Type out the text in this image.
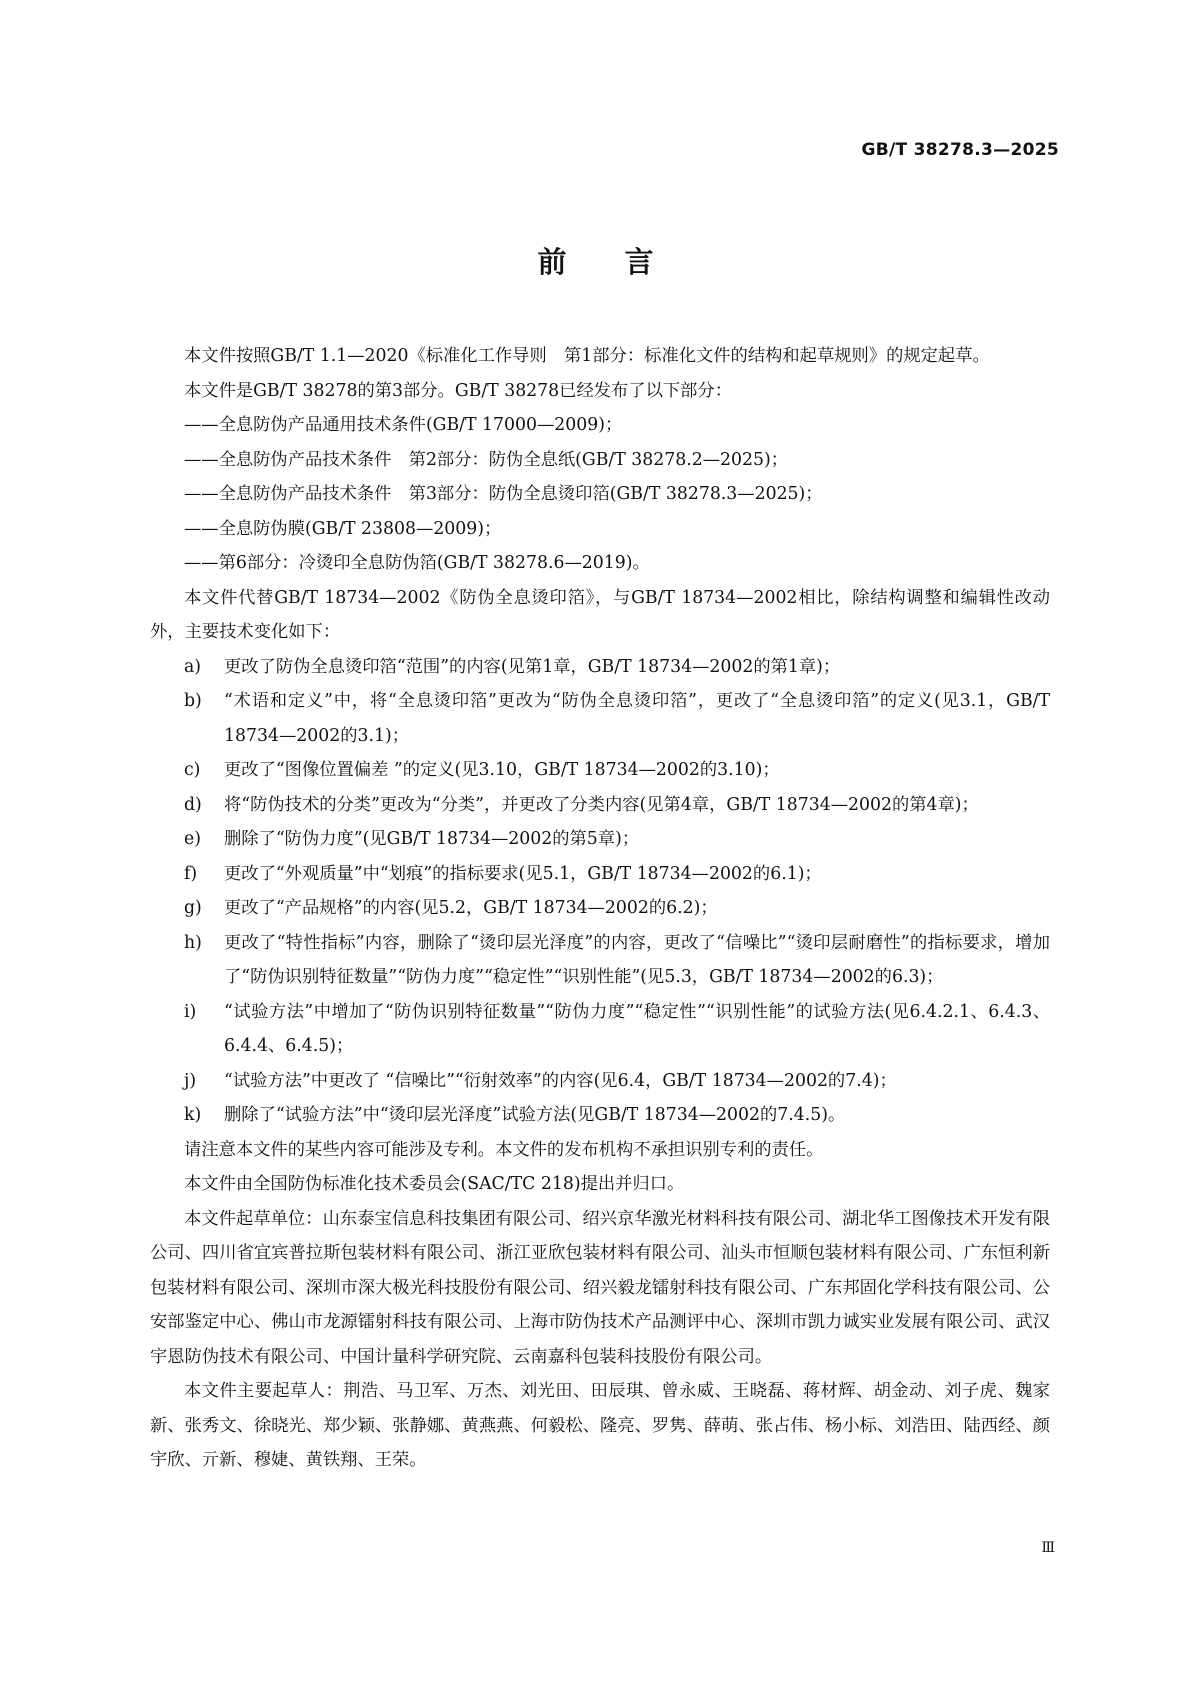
GB/T 38278.3—2025
前言

本文件按照GB/T 1.1—2020《标准化工作导则　第1部分：标准化文件的结构和起草规则》的规定起草。

本文件是GB/T 38278的第3部分。GB/T 38278已经发布了以下部分：

——全息防伪产品通用技术条件(GB/T 17000—2009)；

——全息防伪产品技术条件　第2部分：防伪全息纸(GB/T 38278.2—2025)；

——全息防伪产品技术条件　第3部分：防伪全息烫印箔(GB/T 38278.3—2025)；

——全息防伪膜(GB/T 23808—2009)；

——第6部分：冷烫印全息防伪箔(GB/T 38278.6—2019)。

本文件代替GB/T 18734—2002《防伪全息烫印箔》，与GB/T 18734—2002相比，除结构调整和编辑性改动外，主要技术变化如下：

a)	更改了防伪全息烫印箔“范围”的内容(见第1章，GB/T 18734—2002的第1章)；
b)	“术语和定义”中，将“全息烫印箔”更改为“防伪全息烫印箔”，更改了“全息烫印箔”的定义(见3.1，GB/T 18734—2002的3.1)；
c)	更改了“图像位置偏差 ”的定义(见3.10，GB/T 18734—2002的3.10)；
d)	将“防伪技术的分类”更改为“分类”，并更改了分类内容(见第4章，GB/T 18734—2002的第4章)；
e)	删除了“防伪力度”(见GB/T 18734—2002的第5章)；
f)	更改了“外观质量”中“划痕”的指标要求(见5.1，GB/T 18734—2002的6.1)；
g)	更改了“产品规格”的内容(见5.2，GB/T 18734—2002的6.2)；
h)	更改了“特性指标”内容，删除了“烫印层光泽度”的内容，更改了“信噪比”“烫印层耐磨性”的指标要求，增加了“防伪识别特征数量”“防伪力度”“稳定性”“识别性能”(见5.3，GB/T 18734—2002的6.3)；
i)	“试验方法”中增加了“防伪识别特征数量”“防伪力度”“稳定性”“识别性能”的试验方法(见6.4.2.1、6.4.3、6.4.4、6.4.5)；
j)	“试验方法”中更改了 “信噪比”“衍射效率”的内容(见6.4，GB/T 18734—2002的7.4)；
k)	删除了“试验方法”中“烫印层光泽度”试验方法(见GB/T 18734—2002的7.4.5)。

请注意本文件的某些内容可能涉及专利。本文件的发布机构不承担识别专利的责任。

本文件由全国防伪标准化技术委员会(SAC/TC 218)提出并归口。

本文件起草单位：山东泰宝信息科技集团有限公司、绍兴京华激光材料科技有限公司、湖北华工图像技术开发有限公司、四川省宜宾普拉斯包装材料有限公司、浙江亚欣包装材料有限公司、汕头市恒顺包装材料有限公司、广东恒利新包装材料有限公司、深圳市深大极光科技股份有限公司、绍兴毅龙镭射科技有限公司、广东邦固化学科技有限公司、公安部鉴定中心、佛山市龙源镭射科技有限公司、上海市防伪技术产品测评中心、深圳市凯力诚实业发展有限公司、武汉宇恩防伪技术有限公司、中国计量科学研究院、云南嘉科包装科技股份有限公司。

本文件主要起草人：荆浩、马卫军、万杰、刘光田、田辰琪、曾永威、王晓磊、蒋材辉、胡金动、刘子虎、魏家新、张秀文、徐晓光、郑少颖、张静娜、黄燕燕、何毅松、隆亮、罗隽、薛萌、张占伟、杨小标、刘浩田、陆西经、颜宇欣、亓新、穆婕、黄铁翔、王荣。

Ⅲ
